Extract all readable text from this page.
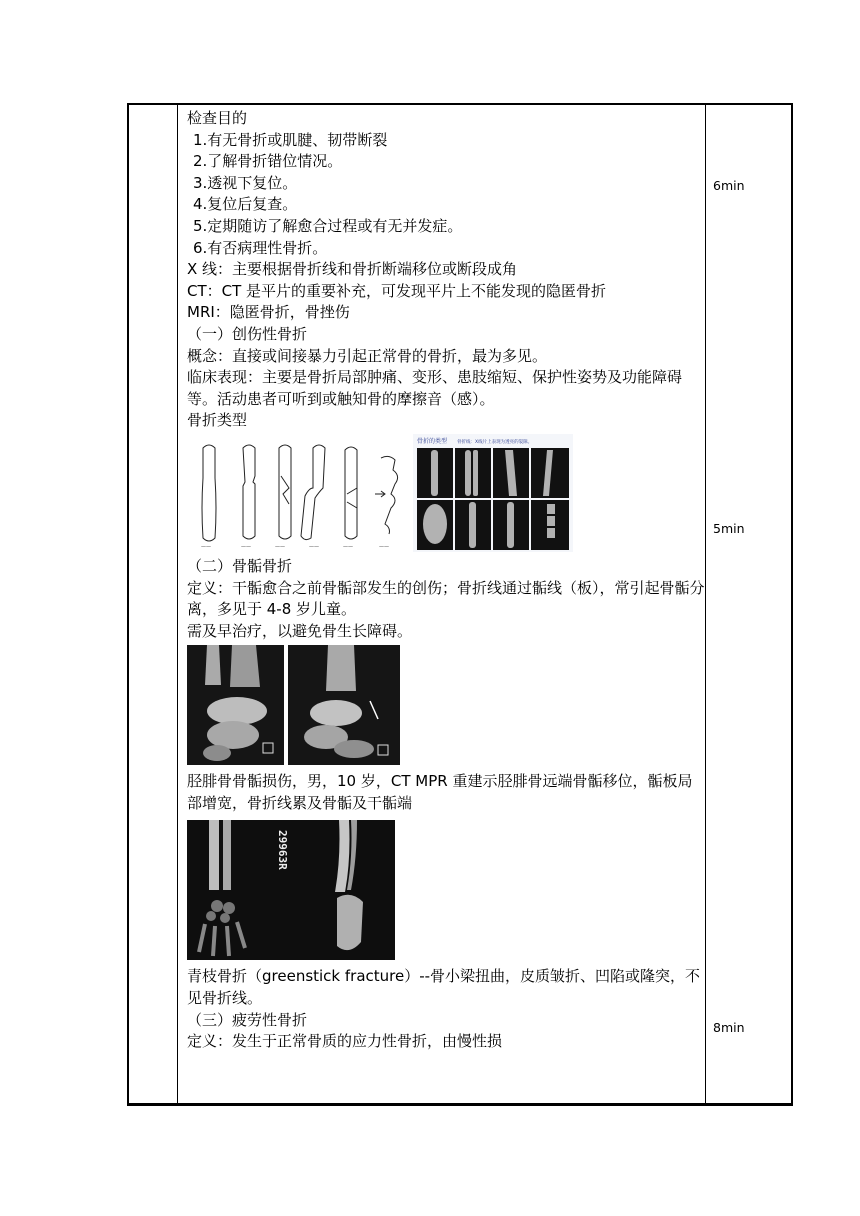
检查目的
1.有无骨折或肌腱、韧带断裂
2.了解骨折错位情况。
3.透视下复位。
4.复位后复查。
5.定期随访了解愈合过程或有无并发症。
6.有否病理性骨折。
X 线：主要根据骨折线和骨折断端移位或断段成角
CT：CT 是平片的重要补充，可发现平片上不能发现的隐匿骨折
MRI：隐匿骨折，骨挫伤
（一）创伤性骨折
概念：直接或间接暴力引起正常骨的骨折，最为多见。
临床表现：主要是骨折局部肿痛、变形、患肢缩短、保护性姿势及功能障碍等。活动患者可听到或触知骨的摩擦音（感）。
骨折类型
——	——	——	——	——	——
骨折的类型 骨折线：X线片上表现为透亮的裂隙。
（二）骨骺骨折
定义：干骺愈合之前骨骺部发生的创伤；骨折线通过骺线（板），常引起骨骺分离，多见于 4-8 岁儿童。
需及早治疗，以避免骨生长障碍。
胫腓骨骨骺损伤，男，10 岁，CT MPR 重建示胫腓骨远端骨骺移位，骺板局部增宽，骨折线累及骨骺及干骺端
29963R
青枝骨折（greenstick fracture）--骨小梁扭曲，皮质皱折、凹陷或隆突，不见骨折线。
（三）疲劳性骨折
定义：发生于正常骨质的应力性骨折，由慢性损
6min
5min
8min
